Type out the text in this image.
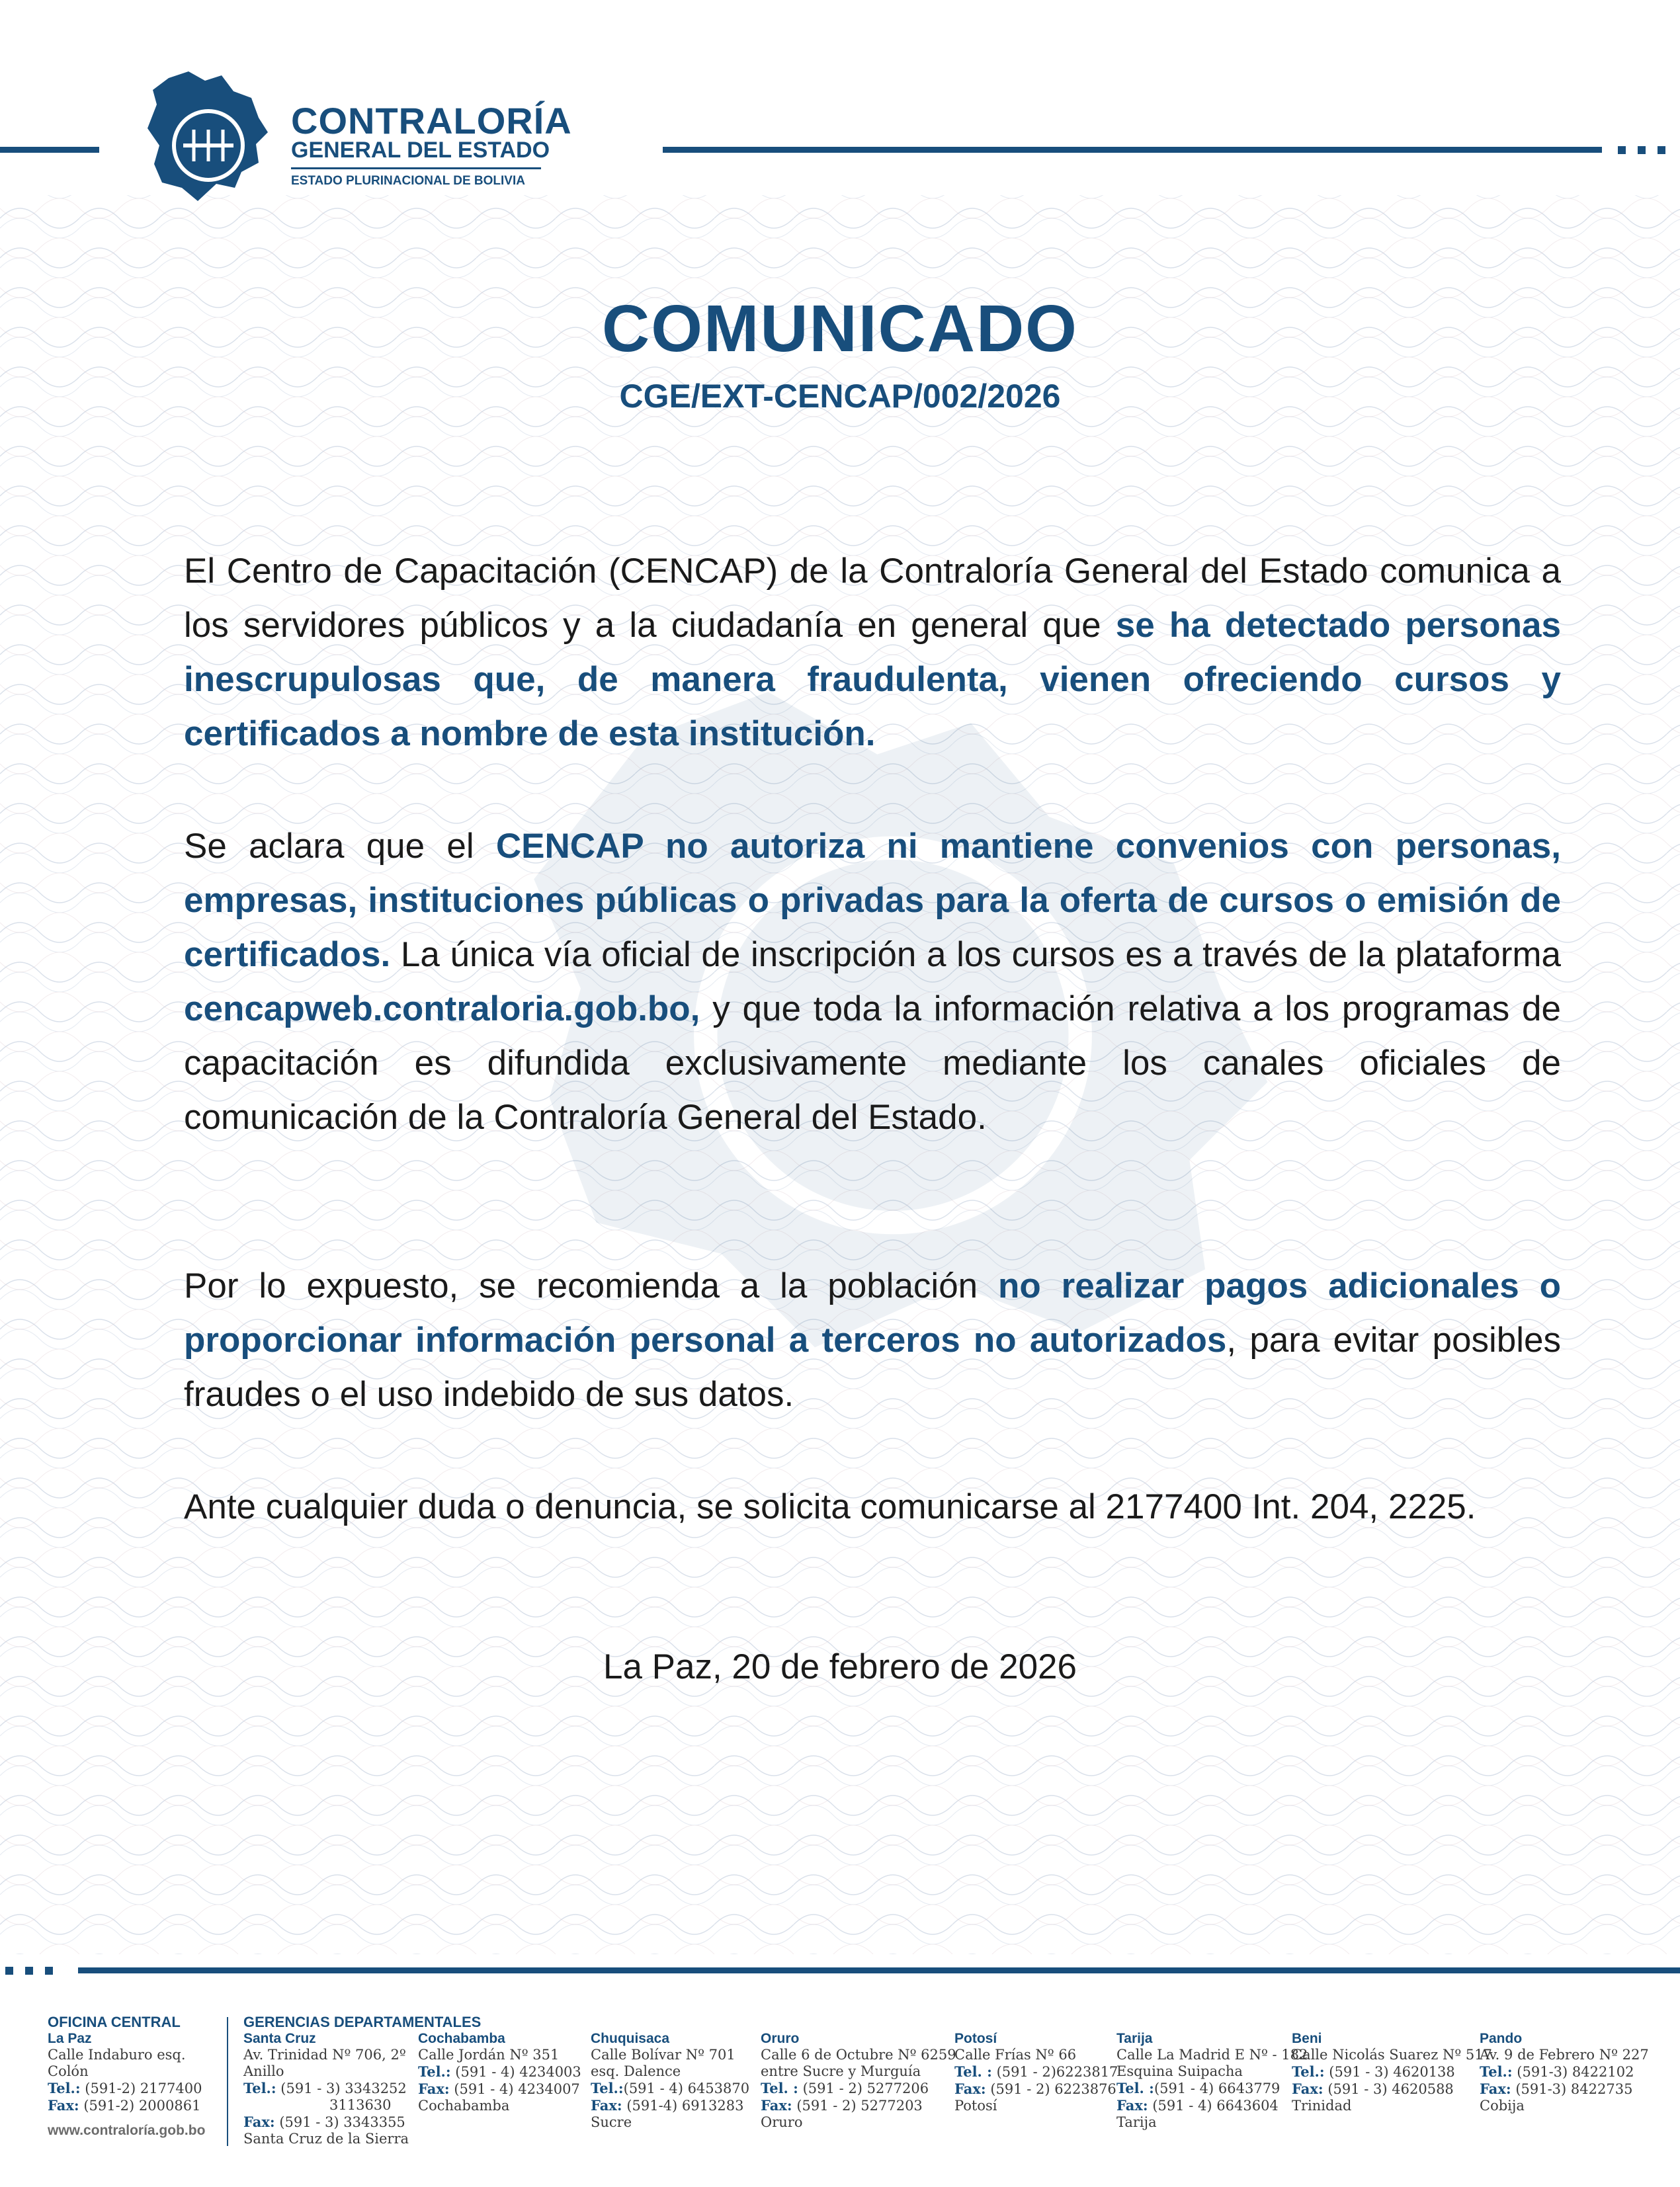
CONTRALORÍA
GENERAL DEL ESTADO
ESTADO PLURINACIONAL DE BOLIVIA
COMUNICADO
CGE/EXT-CENCAP/002/2026
El Centro de Capacitación (CENCAP) de la Contraloría General del Estado comunica a los servidores públicos y a la ciudadanía en general que se ha detectado personas inescrupulosas que, de manera fraudulenta, vienen ofreciendo cursos y certificados a nombre de esta institución.
Se aclara que el CENCAP no autoriza ni mantiene convenios con personas, empresas, instituciones públicas o privadas para la oferta de cursos o emisión de certificados. La única vía oficial de inscripción a los cursos es a través de la plataforma cencapweb.contraloria.gob.bo, y que toda la información relativa a los programas de capacitación es difundida exclusivamente mediante los canales oficiales de comunicación de la Contraloría General del Estado.
Por lo expuesto, se recomienda a la población no realizar pagos adicionales o proporcionar información personal a terceros no autorizados, para evitar posibles fraudes o el uso indebido de sus datos.
Ante cualquier duda o denuncia, se solicita comunicarse al 2177400 Int. 204, 2225.
La Paz, 20 de febrero de 2026
OFICINA CENTRAL
La Paz
Calle Indaburo esq.
Colón
Tel.: (591-2) 2177400
Fax: (591-2) 2000861
www.contraloría.gob.bo
GERENCIAS DEPARTAMENTALES
Santa Cruz
Av. Trinidad Nº 706, 2º
Anillo
Tel.: (591 - 3) 3343252
3113630
Fax: (591 - 3) 3343355
Santa Cruz de la Sierra
Cochabamba
Calle Jordán Nº 351
Tel.: (591 - 4) 4234003
Fax: (591 - 4) 4234007
Cochabamba
Chuquisaca
Calle Bolívar Nº 701
esq. Dalence
Tel.:(591 - 4) 6453870
Fax: (591-4) 6913283
Sucre
Oruro
Calle 6 de Octubre Nº 6259
entre Sucre y Murguía
Tel. : (591 - 2) 5277206
Fax: (591 - 2) 5277203
Oruro
Potosí
Calle Frías Nº 66
Tel. : (591 - 2)6223817
Fax: (591 - 2) 6223876
Potosí
Tarija
Calle La Madrid E Nº - 182
Esquina Suipacha
Tel. :(591 - 4) 6643779
Fax: (591 - 4) 6643604
Tarija
Beni
Calle Nicolás Suarez Nº 517
Tel.: (591 - 3) 4620138
Fax: (591 - 3) 4620588
Trinidad
Pando
Av. 9 de Febrero Nº 227
Tel.: (591-3) 8422102
Fax: (591-3) 8422735
Cobija
